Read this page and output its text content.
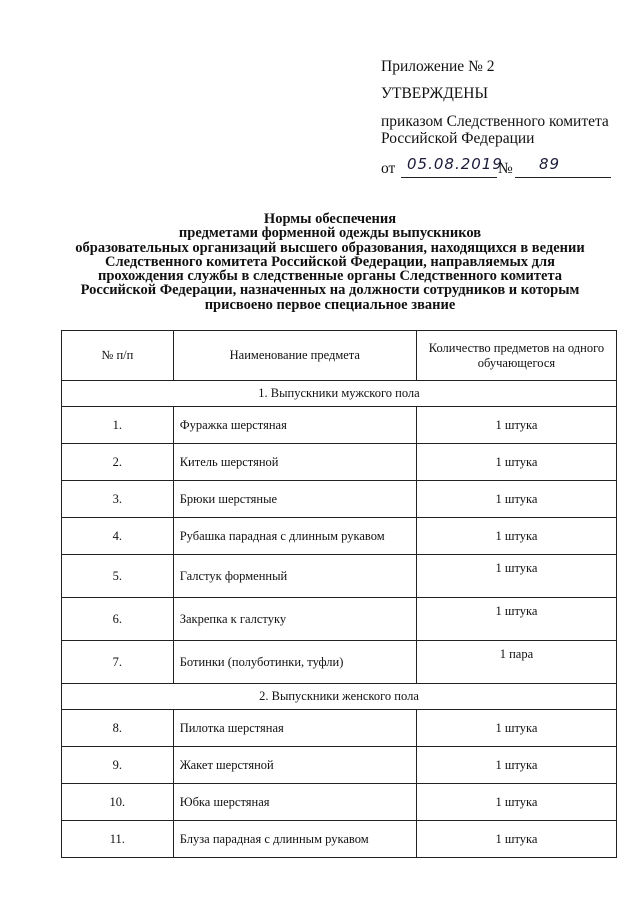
Приложение № 2
УТВЕРЖДЕНЫ
приказом Следственного комитета
Российской Федерации
от 05.08.2019
№ 89
Нормы обеспечения
предметами форменной одежды выпускников
образовательных организаций высшего образования, находящихся в ведении
Следственного комитета Российской Федерации, направляемых для
прохождения службы в следственные органы Следственного комитета
Российской Федерации, назначенных на должности сотрудников и которым
присвоено первое специальное звание
№ п/п	Наименование предмета	Количество предметов на одного
обучающегося

1. Выпускники мужского пола		
1.	Фуражка шерстяная	1 штука
2.	Китель шерстяной	1 штука
3.	Брюки шерстяные	1 штука
4.	Рубашка парадная с длинным рукавом	1 штука
5.	Галстук форменный	1 штука
6.	Закрепка к галстуку	1 штука
7.	Ботинки (полуботинки, туфли)	1 пара
2. Выпускники женского пола		
8.	Пилотка шерстяная	1 штука
9.	Жакет шерстяной	1 штука
10.	Юбка шерстяная	1 штука
11.	Блуза парадная с длинным рукавом	1 штука
